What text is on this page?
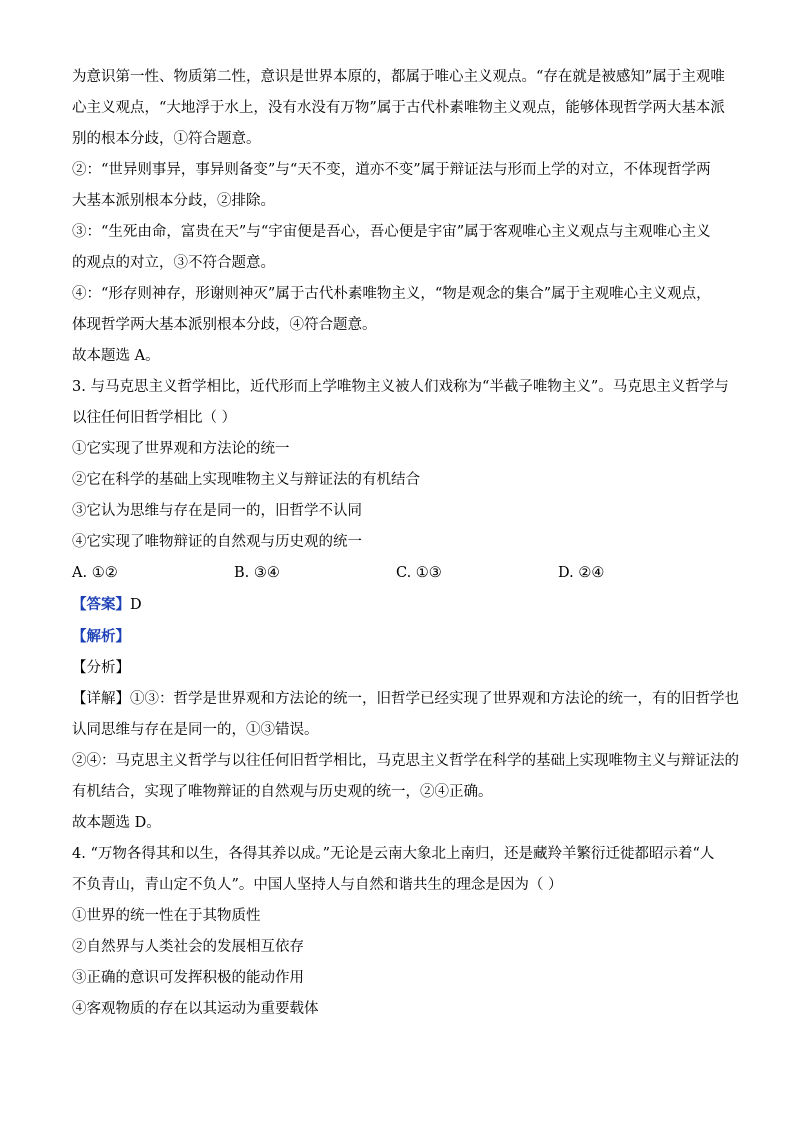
为意识第一性、物质第二性，意识是世界本原的，都属于唯心主义观点。“存在就是被感知”属于主观唯
心主义观点，“大地浮于水上，没有水没有万物”属于古代朴素唯物主义观点，能够体现哲学两大基本派
别的根本分歧，①符合题意。
②：“世异则事异，事异则备变”与“天不变，道亦不变”属于辩证法与形而上学的对立，不体现哲学两
大基本派别根本分歧，②排除。
③：“生死由命，富贵在天”与“宇宙便是吾心，吾心便是宇宙”属于客观唯心主义观点与主观唯心主义
的观点的对立，③不符合题意。
④：“形存则神存，形谢则神灭”属于古代朴素唯物主义，“物是观念的集合”属于主观唯心主义观点，
体现哲学两大基本派别根本分歧，④符合题意。
故本题选 A。
3. 与马克思主义哲学相比，近代形而上学唯物主义被人们戏称为“半截子唯物主义”。马克思主义哲学与
以往任何旧哲学相比（ ）
①它实现了世界观和方法论的统一
②它在科学的基础上实现唯物主义与辩证法的有机结合
③它认为思维与存在是同一的，旧哲学不认同
④它实现了唯物辩证的自然观与历史观的统一
A. ①②	B. ③④	C. ①③	D. ②④
【答案】D
【解析】
【分析】
【详解】①③：哲学是世界观和方法论的统一，旧哲学已经实现了世界观和方法论的统一，有的旧哲学也
认同思维与存在是同一的，①③错误。
②④：马克思主义哲学与以往任何旧哲学相比，马克思主义哲学在科学的基础上实现唯物主义与辩证法的
有机结合，实现了唯物辩证的自然观与历史观的统一，②④正确。
故本题选 D。
4. “万物各得其和以生，各得其养以成。”无论是云南大象北上南归，还是藏羚羊繁衍迁徙都昭示着“人
不负青山，青山定不负人”。中国人坚持人与自然和谐共生的理念是因为（ ）
①世界的统一性在于其物质性
②自然界与人类社会的发展相互依存
③正确的意识可发挥积极的能动作用
④客观物质的存在以其运动为重要载体
